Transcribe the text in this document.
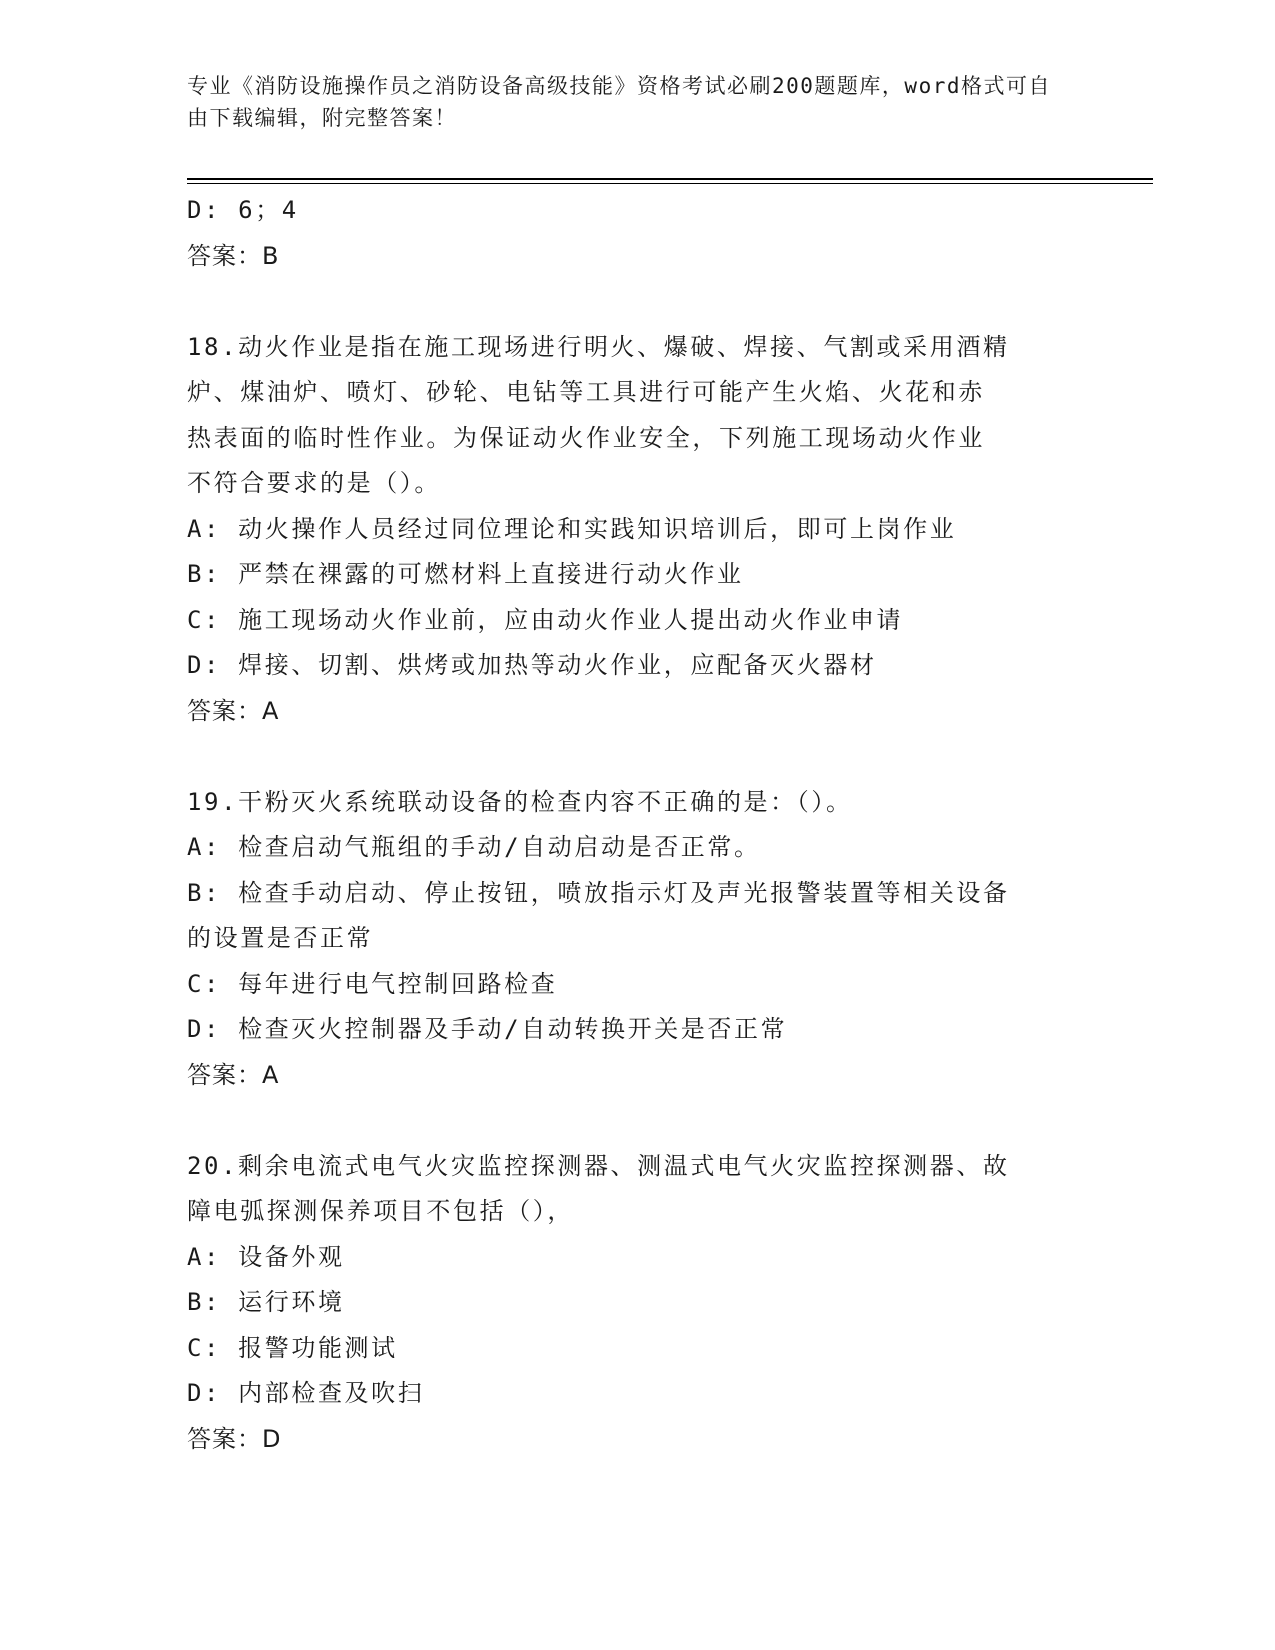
专业《消防设施操作员之消防设备高级技能》资格考试必刷200题题库，word格式可自由下载编辑，附完整答案！
D: 6；4
答案：B
18.动火作业是指在施工现场进行明火、爆破、焊接、气割或采用酒精
炉、煤油炉、喷灯、砂轮、电钻等工具进行可能产生火焰、火花和赤
热表面的临时性作业。为保证动火作业安全，下列施工现场动火作业
不符合要求的是（）。
A: 动火操作人员经过同位理论和实践知识培训后，即可上岗作业
B: 严禁在裸露的可燃材料上直接进行动火作业
C: 施工现场动火作业前，应由动火作业人提出动火作业申请
D: 焊接、切割、烘烤或加热等动火作业，应配备灭火器材
答案：A
19.干粉灭火系统联动设备的检查内容不正确的是：（）。
A: 检查启动气瓶组的手动/自动启动是否正常。
B: 检查手动启动、停止按钮，喷放指示灯及声光报警装置等相关设备
的设置是否正常
C: 每年进行电气控制回路检查
D: 检查灭火控制器及手动/自动转换开关是否正常
答案：A
20.剩余电流式电气火灾监控探测器、测温式电气火灾监控探测器、故
障电弧探测保养项目不包括（），
A: 设备外观
B: 运行环境
C: 报警功能测试
D: 内部检查及吹扫
答案：D
